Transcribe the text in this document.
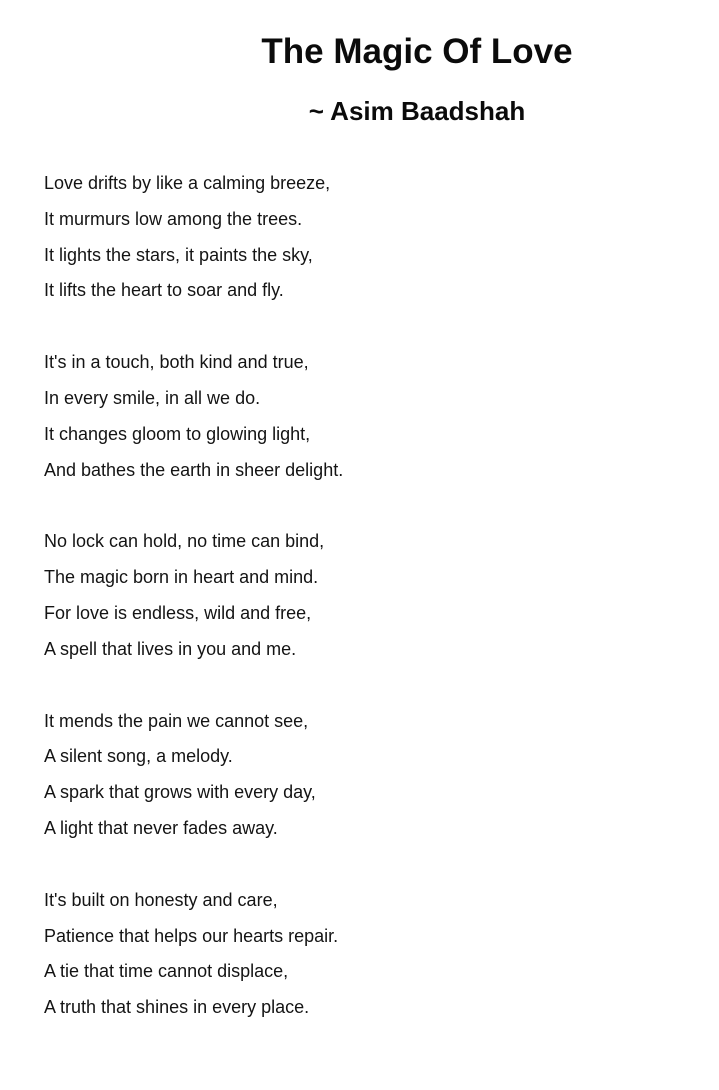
The Magic Of Love
~ Asim Baadshah
Love drifts by like a calming breeze,
It murmurs low among the trees.
It lights the stars, it paints the sky,
It lifts the heart to soar and fly.
It's in a touch, both kind and true,
In every smile, in all we do.
It changes gloom to glowing light,
And bathes the earth in sheer delight.
No lock can hold, no time can bind,
The magic born in heart and mind.
For love is endless, wild and free,
A spell that lives in you and me.
It mends the pain we cannot see,
A silent song, a melody.
A spark that grows with every day,
A light that never fades away.
It's built on honesty and care,
Patience that helps our hearts repair.
A tie that time cannot displace,
A truth that shines in every place.
